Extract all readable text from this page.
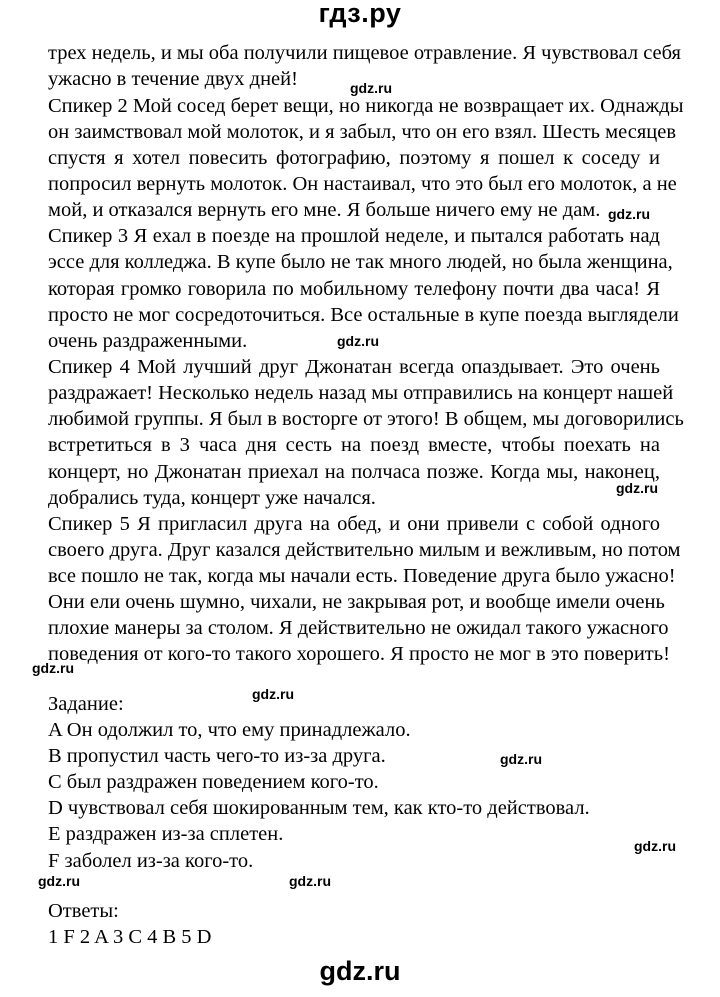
гдз.ру
трех недель, и мы оба получили пищевое отравление. Я чувствовал себя
ужасно в течение двух дней!
Спикер 2 Мой сосед берет вещи, но никогда не возвращает их. Однажды
он заимствовал мой молоток, и я забыл, что он его взял. Шесть месяцев
спустя я хотел повесить фотографию, поэтому я пошел к соседу и
попросил вернуть молоток. Он настаивал, что это был его молоток, а не
мой, и отказался вернуть его мне. Я больше ничего ему не дам.
Спикер 3 Я ехал в поезде на прошлой неделе, и пытался работать над
эссе для колледжа. В купе было не так много людей, но была женщина,
которая громко говорила по мобильному телефону почти два часа! Я
просто не мог сосредоточиться. Все остальные в купе поезда выглядели
очень раздраженными.
Спикер 4 Мой лучший друг Джонатан всегда опаздывает. Это очень
раздражает! Несколько недель назад мы отправились на концерт нашей
любимой группы. Я был в восторге от этого! В общем, мы договорились
встретиться в 3 часа дня сесть на поезд вместе, чтобы поехать на
концерт, но Джонатан приехал на полчаса позже. Когда мы, наконец,
добрались туда, концерт уже начался.
Спикер 5 Я пригласил друга на обед, и они привели с собой одного
своего друга. Друг казался действительно милым и вежливым, но потом
все пошло не так, когда мы начали есть. Поведение друга было ужасно!
Они ели очень шумно, чихали, не закрывая рот, и вообще имели очень
плохие манеры за столом. Я действительно не ожидал такого ужасного
поведения от кого-то такого хорошего. Я просто не мог в это поверить!
Задание:
A Он одолжил то, что ему принадлежало.
B пропустил часть чего-то из-за друга.
C был раздражен поведением кого-то.
D чувствовал себя шокированным тем, как кто-то действовал.
E раздражен из-за сплетен.
F заболел из-за кого-то.
Ответы:
1 F 2 A 3 C 4 B 5 D
gdz.ru
gdz.ru
gdz.ru
gdz.ru
gdz.ru
gdz.ru
gdz.ru
gdz.ru
gdz.ru	gdz.ru
gdz.ru
